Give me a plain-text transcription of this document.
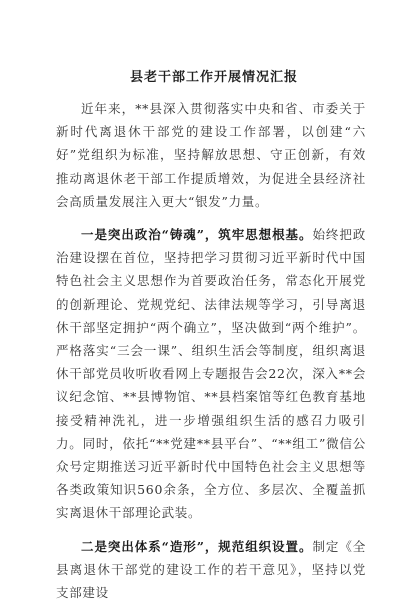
县老干部工作开展情况汇报

近年来，**县深入贯彻落实中央和省、市委关于新时代离退休干部党的建设工作部署，以创建“六好”党组织为标准，坚持解放思想、守正创新，有效推动离退休老干部工作提质增效，为促进全县经济社会高质量发展注入更大“银发”力量。

一是突出政治“铸魂”，筑牢思想根基。始终把政治建设摆在首位，坚持把学习贯彻习近平新时代中国特色社会主义思想作为首要政治任务，常态化开展党的创新理论、党规党纪、法律法规等学习，引导离退休干部坚定拥护“两个确立”，坚决做到“两个维护”。严格落实“三会一课”、组织生活会等制度，组织离退休干部党员收听收看网上专题报告会22次，深入**会议纪念馆、**县博物馆、**县档案馆等红色教育基地接受精神洗礼，进一步增强组织生活的感召力吸引力。同时，依托“**党建**县平台”、“**组工”微信公众号定期推送习近平新时代中国特色社会主义思想等各类政策知识560余条，全方位、多层次、全覆盖抓实离退休干部理论武装。

二是突出体系“造形”，规范组织设置。制定《全县离退休干部党的建设工作的若干意见》，坚持以党支部建设
